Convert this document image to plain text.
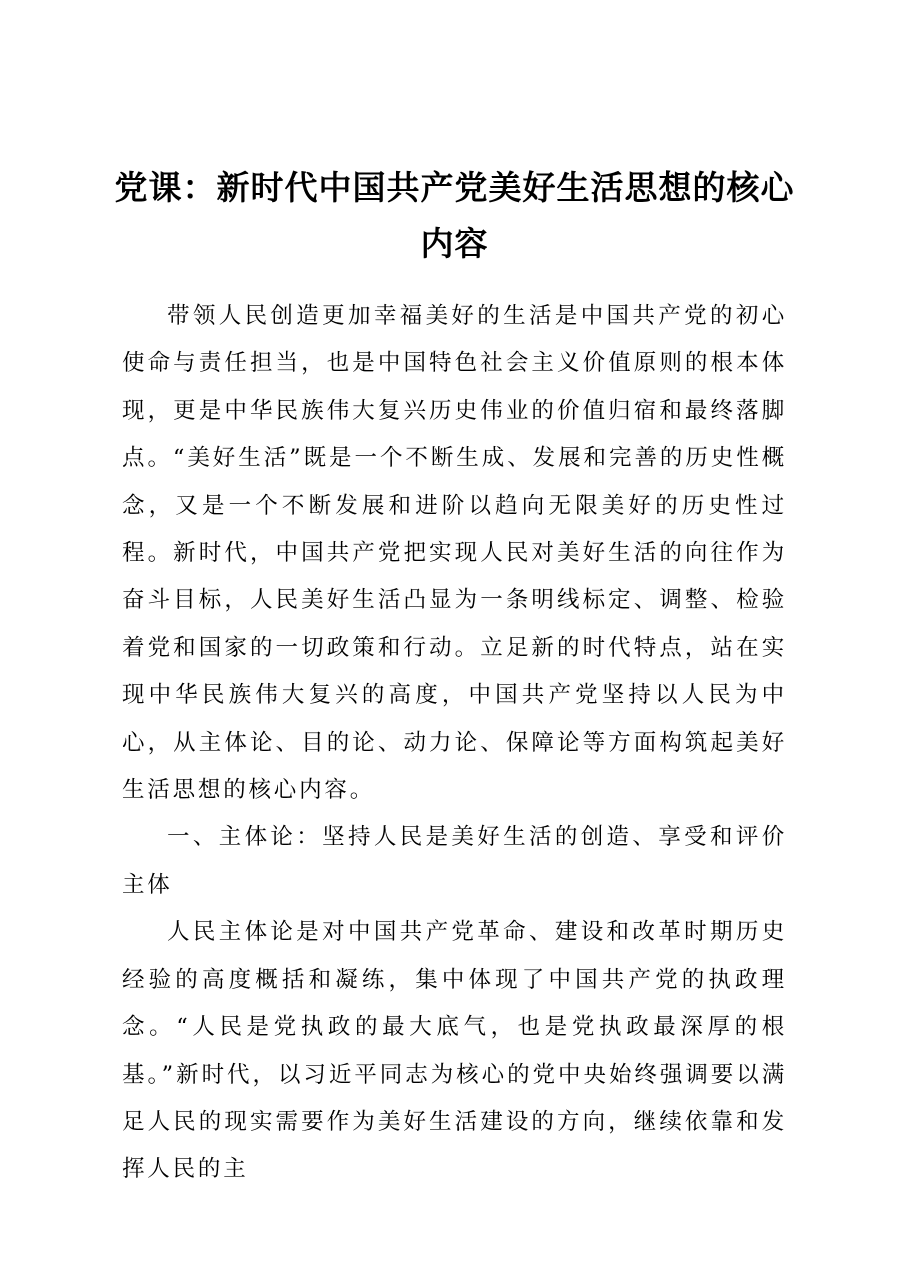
党课：新时代中国共产党美好生活思想的核心内容

带领人民创造更加幸福美好的生活是中国共产党的初心使命与责任担当，也是中国特色社会主义价值原则的根本体现，更是中华民族伟大复兴历史伟业的价值归宿和最终落脚点。“美好生活”既是一个不断生成、发展和完善的历史性概念，又是一个不断发展和进阶以趋向无限美好的历史性过程。新时代，中国共产党把实现人民对美好生活的向往作为奋斗目标，人民美好生活凸显为一条明线标定、调整、检验着党和国家的一切政策和行动。立足新的时代特点，站在实现中华民族伟大复兴的高度，中国共产党坚持以人民为中心，从主体论、目的论、动力论、保障论等方面构筑起美好生活思想的核心内容。

一、主体论：坚持人民是美好生活的创造、享受和评价主体

人民主体论是对中国共产党革命、建设和改革时期历史经验的高度概括和凝练，集中体现了中国共产党的执政理念。“人民是党执政的最大底气，也是党执政最深厚的根基。”新时代，以习近平同志为核心的党中央始终强调要以满足人民的现实需要作为美好生活建设的方向，继续依靠和发挥人民的主
